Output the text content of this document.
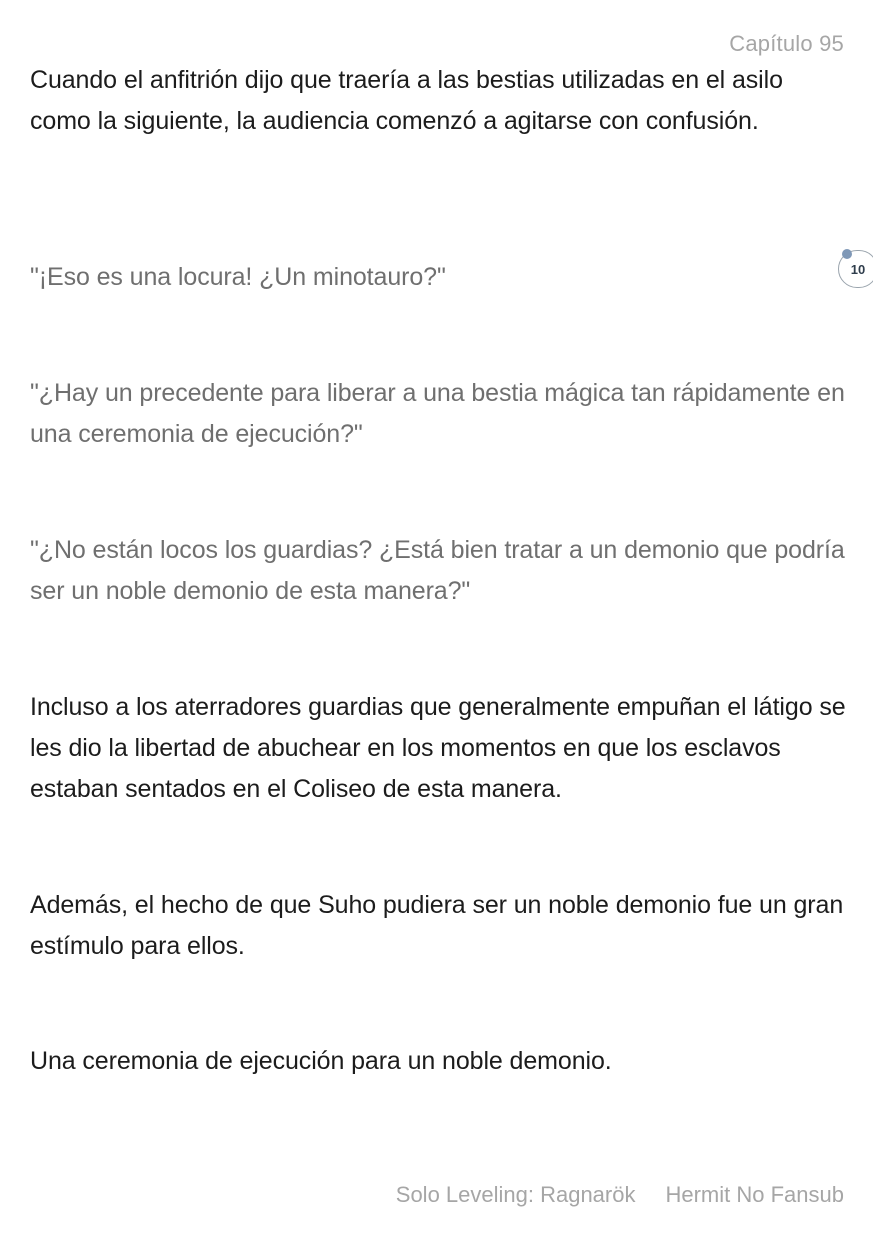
Capítulo 95

Cuando el anfitrión dijo que traería a las bestias utilizadas en el asilo como la siguiente, la audiencia comenzó a agitarse con confusión.

"¡Eso es una locura! ¿Un minotauro?"

"¿Hay un precedente para liberar a una bestia mágica tan rápidamente en una ceremonia de ejecución?"

"¿No están locos los guardias? ¿Está bien tratar a un demonio que podría ser un noble demonio de esta manera?"

Incluso a los aterradores guardias que generalmente empuñan el látigo se les dio la libertad de abuchear en los momentos en que los esclavos estaban sentados en el Coliseo de esta manera.

Además, el hecho de que Suho pudiera ser un noble demonio fue un gran estímulo para ellos.

Una ceremonia de ejecución para un noble demonio.

10
Solo Leveling: Ragnarök Hermit No Fansub
